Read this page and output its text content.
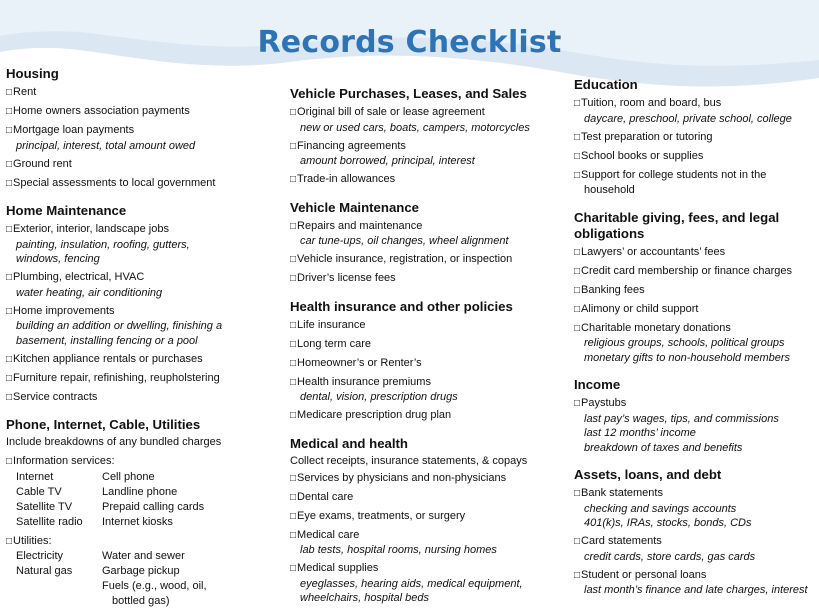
Records Checklist
Housing
□ Rent
□ Home owners association payments
□ Mortgage loan payments
principal, interest, total amount owed
□ Ground rent
□ Special assessments to local government
Home Maintenance
□ Exterior, interior, landscape jobs
painting, insulation, roofing, gutters,
windows, fencing
□ Plumbing, electrical, HVAC
water heating, air conditioning
□ Home improvements
building an addition or dwelling, finishing a
basement, installing fencing or a pool
□ Kitchen appliance rentals or purchases
□ Furniture repair, refinishing, reupholstering
□ Service contracts
Phone, Internet, Cable, Utilities
Include breakdowns of any bundled charges
□ Information services:
Internet	Cell phone
Cable TV	Landline phone
Satellite TV	Prepaid calling cards
Satellite radio	Internet kiosks
□ Utilities:
Electricity	Water and sewer
Natural gas	Garbage pickup
Fuels (e.g., wood, oil,
bottled gas)
Vehicle Purchases, Leases, and Sales
□ Original bill of sale or lease agreement
new or used cars, boats, campers, motorcycles
□ Financing agreements
amount borrowed, principal, interest
□ Trade-in allowances
Vehicle Maintenance
□ Repairs and maintenance
car tune-ups, oil changes, wheel alignment
□ Vehicle insurance, registration, or inspection
□ Driver’s license fees
Health insurance and other policies
□ Life insurance
□ Long term care
□ Homeowner’s or Renter’s
□ Health insurance premiums
dental, vision, prescription drugs
□ Medicare prescription drug plan
Medical and health
Collect receipts, insurance statements, & copays
□ Services by physicians and non-physicians
□ Dental care
□ Eye exams, treatments, or surgery
□ Medical care
lab tests, hospital rooms, nursing homes
□ Medical supplies
eyeglasses, hearing aids, medical equipment,
wheelchairs, hospital beds
Education
□ Tuition, room and board, bus
daycare, preschool, private school, college
□ Test preparation or tutoring
□ School books or supplies
□ Support for college students not in the
household
Charitable giving, fees, and legal
obligations
□ Lawyers’ or accountants’ fees
□ Credit card membership or finance charges
□ Banking fees
□ Alimony or child support
□ Charitable monetary donations
religious groups, schools, political groups
monetary gifts to non-household members
Income
□ Paystubs
last pay’s wages, tips, and commissions
last 12 months’ income
breakdown of taxes and benefits
Assets, loans, and debt
□ Bank statements
checking and savings accounts
401(k)s, IRAs, stocks, bonds, CDs
□ Card statements
credit cards, store cards, gas cards
□ Student or personal loans
last month’s finance and late charges, interest
